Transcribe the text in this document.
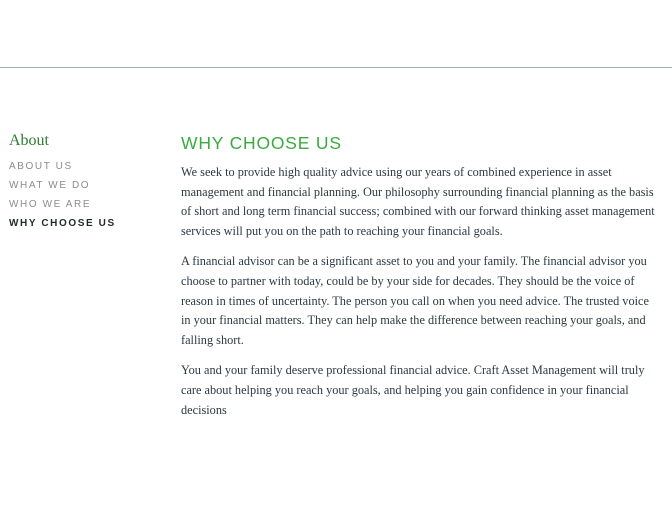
About
ABOUT US
WHAT WE DO
WHO WE ARE
WHY CHOOSE US
WHY CHOOSE US

We seek to provide high quality advice using our years of combined experience in asset management and financial planning. Our philosophy surrounding financial planning as the basis of short and long term financial success; combined with our forward thinking asset management services will put you on the path to reaching your financial goals.

A financial advisor can be a significant asset to you and your family. The financial advisor you choose to partner with today, could be by your side for decades. They should be the voice of reason in times of uncertainty. The person you call on when you need advice. The trusted voice in your financial matters. They can help make the difference between reaching your goals, and falling short.

You and your family deserve professional financial advice. Craft Asset Management will truly care about helping you reach your goals, and helping you gain confidence in your financial decisions
